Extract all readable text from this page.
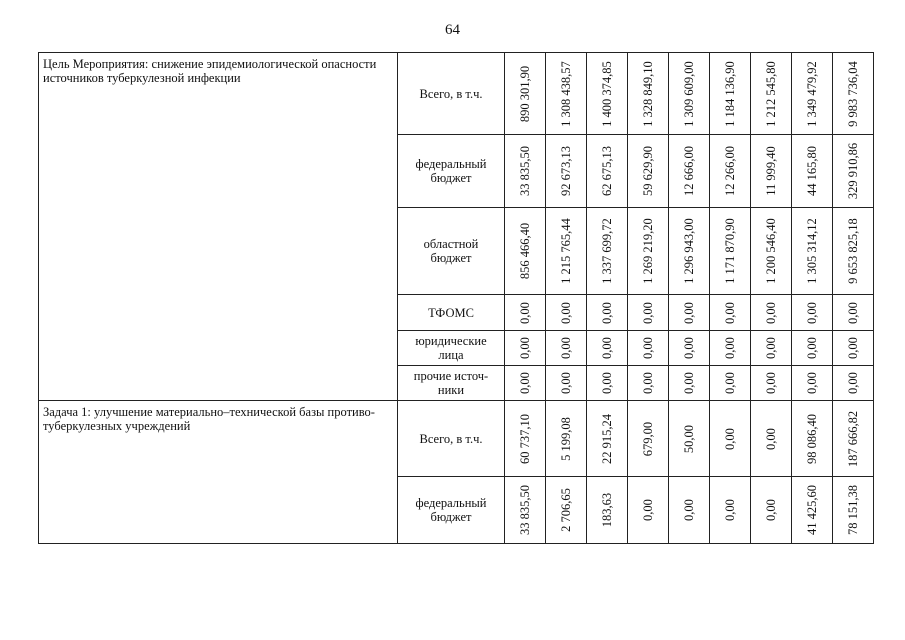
64
Цель Мероприятия: снижение эпидемиологической опасности источников туберкулезной инфекции	Всего, в т.ч.	890 301,90	1 308 438,57	1 400 374,85	1 328 849,10	1 309 609,00	1 184 136,90	1 212 545,80	1 349 479,92	9 983 736,04

	федеральный бюджет	33 835,50	92 673,13	62 675,13	59 629,90	12 666,00	12 266,00	11 999,40	44 165,80	329 910,86

	областной бюджет	856 466,40	1 215 765,44	1 337 699,72	1 269 219,20	1 296 943,00	1 171 870,90	1 200 546,40	1 305 314,12	9 653 825,18

	ТФОМС	0,00	0,00	0,00	0,00	0,00	0,00	0,00	0,00	0,00

	юридические лица	0,00	0,00	0,00	0,00	0,00	0,00	0,00	0,00	0,00

	прочие источ-ники	0,00	0,00	0,00	0,00	0,00	0,00	0,00	0,00	0,00

Задача 1: улучшение материально–технической базы противо-туберкулезных учреждений	Всего, в т.ч.	60 737,10	5 199,08	22 915,24	679,00	50,00	0,00	0,00	98 086,40	187 666,82

	федеральный бюджет	33 835,50	2 706,65	183,63	0,00	0,00	0,00	0,00	41 425,60	78 151,38
